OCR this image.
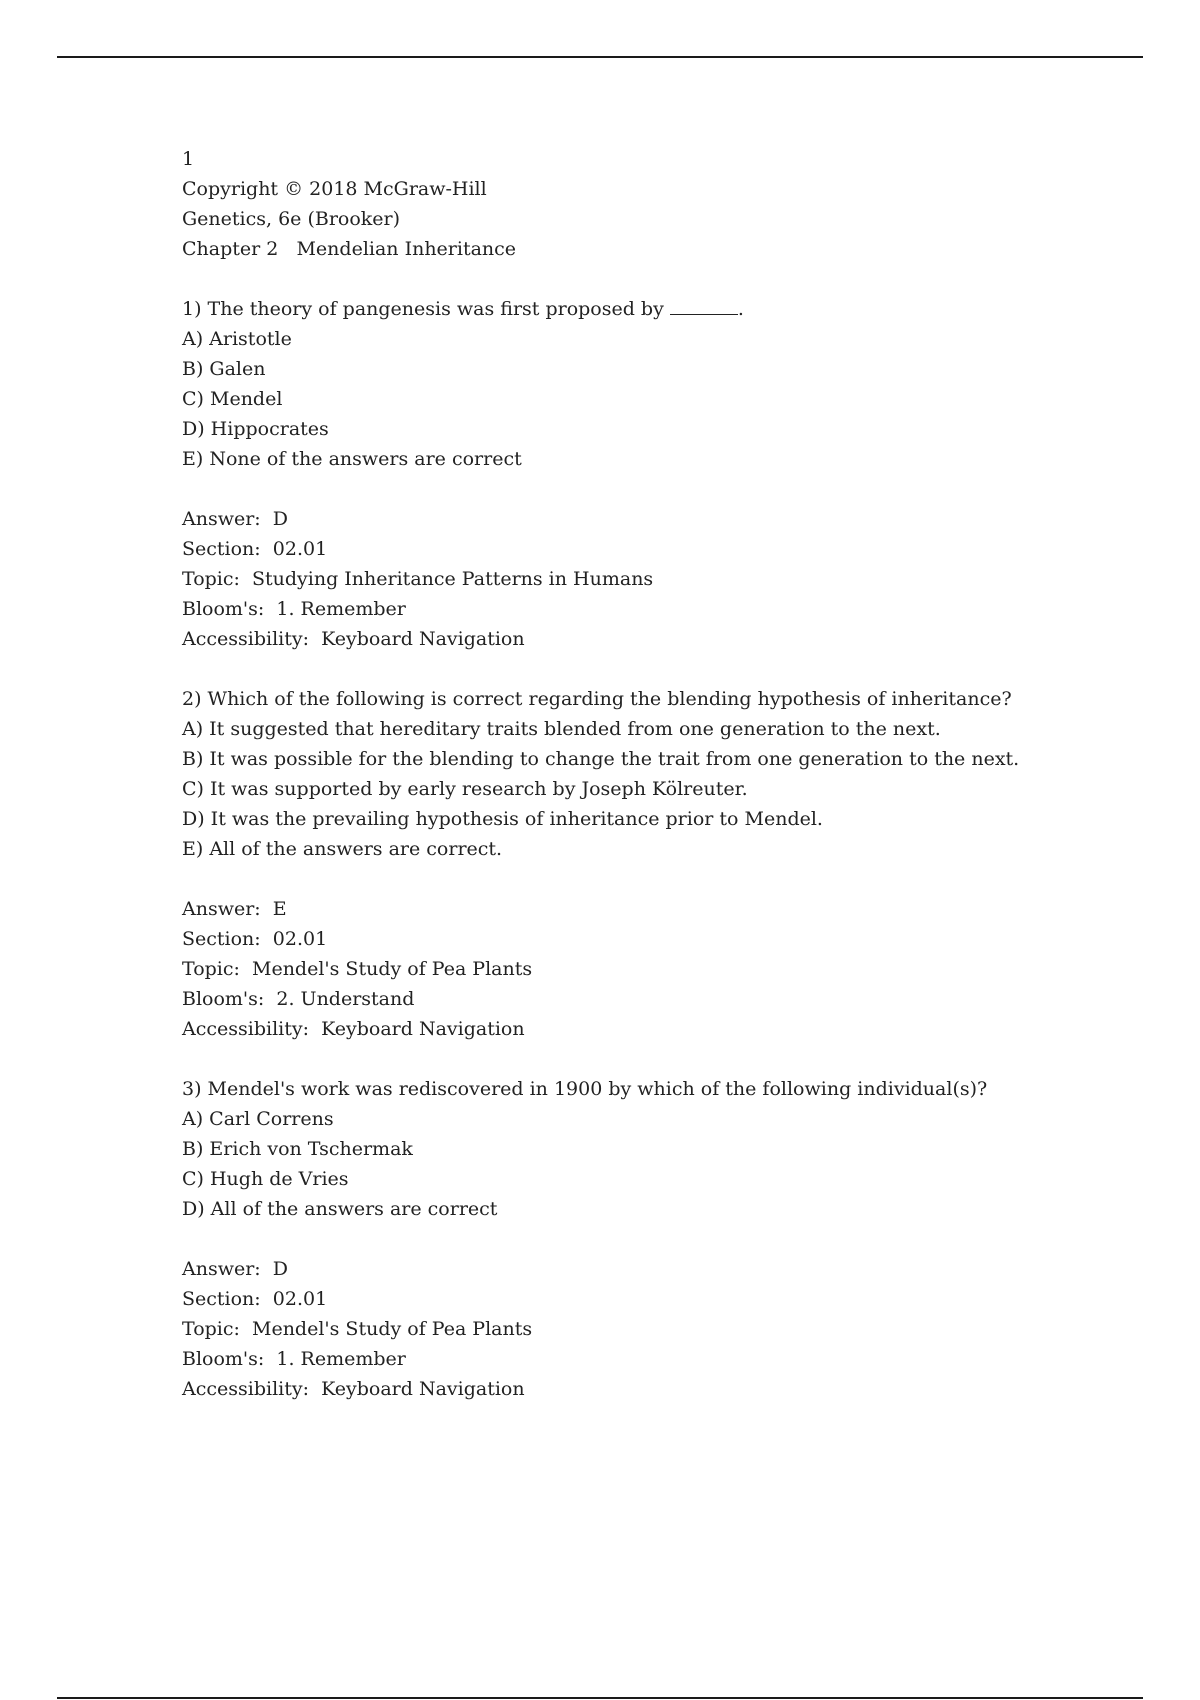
1
Copyright © 2018 McGraw-Hill
Genetics, 6e (Brooker)
Chapter 2   Mendelian Inheritance
1) The theory of pangenesis was first proposed by	.
A) Aristotle
B) Galen
C) Mendel
D) Hippocrates
E) None of the answers are correct
Answer:  D
Section:  02.01
Topic:  Studying Inheritance Patterns in Humans
Bloom's:  1. Remember
Accessibility:  Keyboard Navigation
2) Which of the following is correct regarding the blending hypothesis of inheritance?
A) It suggested that hereditary traits blended from one generation to the next.
B) It was possible for the blending to change the trait from one generation to the next.
C) It was supported by early research by Joseph Kölreuter.
D) It was the prevailing hypothesis of inheritance prior to Mendel.
E) All of the answers are correct.
Answer:  E
Section:  02.01
Topic:  Mendel's Study of Pea Plants
Bloom's:  2. Understand
Accessibility:  Keyboard Navigation
3) Mendel's work was rediscovered in 1900 by which of the following individual(s)?
A) Carl Correns
B) Erich von Tschermak
C) Hugh de Vries
D) All of the answers are correct
Answer:  D
Section:  02.01
Topic:  Mendel's Study of Pea Plants
Bloom's:  1. Remember
Accessibility:  Keyboard Navigation
